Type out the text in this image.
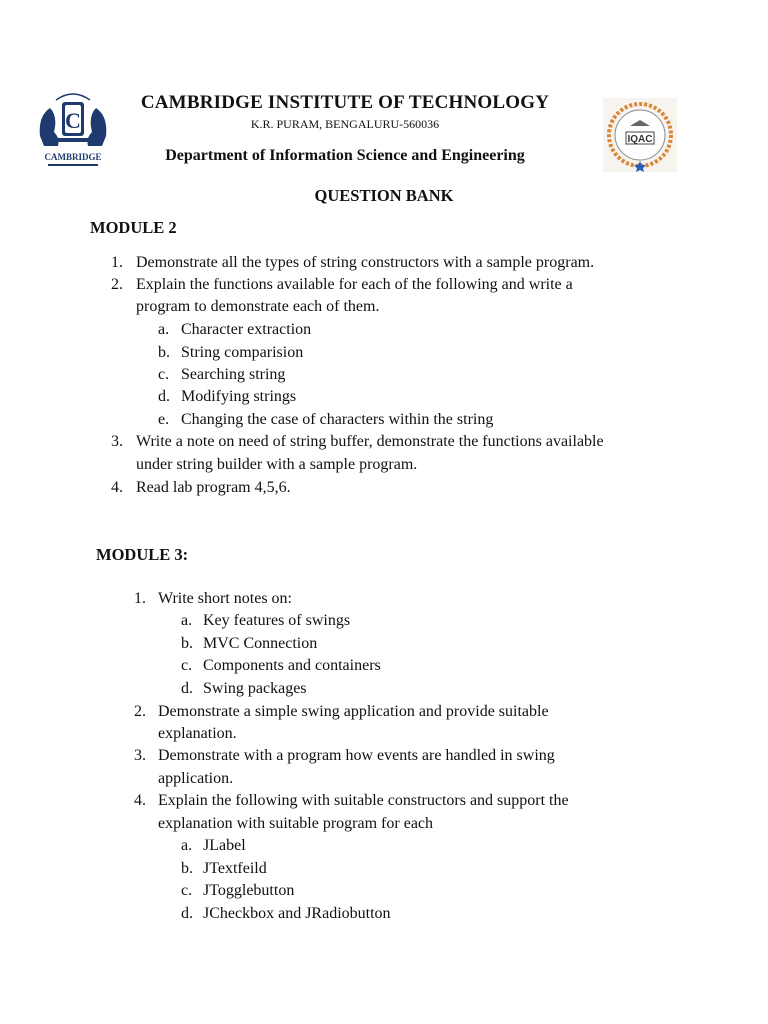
C
CAMBRIDGE
IQAC
CAMBRIDGE INSTITUTE OF TECHNOLOGY
K.R. PURAM, BENGALURU-560036
Department of Information Science and Engineering
QUESTION BANK
MODULE 2
1. Demonstrate all the types of string constructors with a sample program.
2. Explain the functions available for each of the following and write a
program to demonstrate each of them.
a. Character extraction
b. String comparision
c. Searching string
d. Modifying strings
e. Changing the case of characters within the string
3. Write a note on need of string buffer, demonstrate the functions available
under string builder with a sample program.
4. Read lab program 4,5,6.
MODULE 3:
1. Write short notes on:
a. Key features of swings
b. MVC Connection
c. Components and containers
d. Swing packages
2. Demonstrate a simple swing application and provide suitable
explanation.
3. Demonstrate with a program how events are handled in swing
application.
4. Explain the following with suitable constructors and support the
explanation with suitable program for each
a. JLabel
b. JTextfeild
c. JTogglebutton
d. JCheckbox and JRadiobutton
